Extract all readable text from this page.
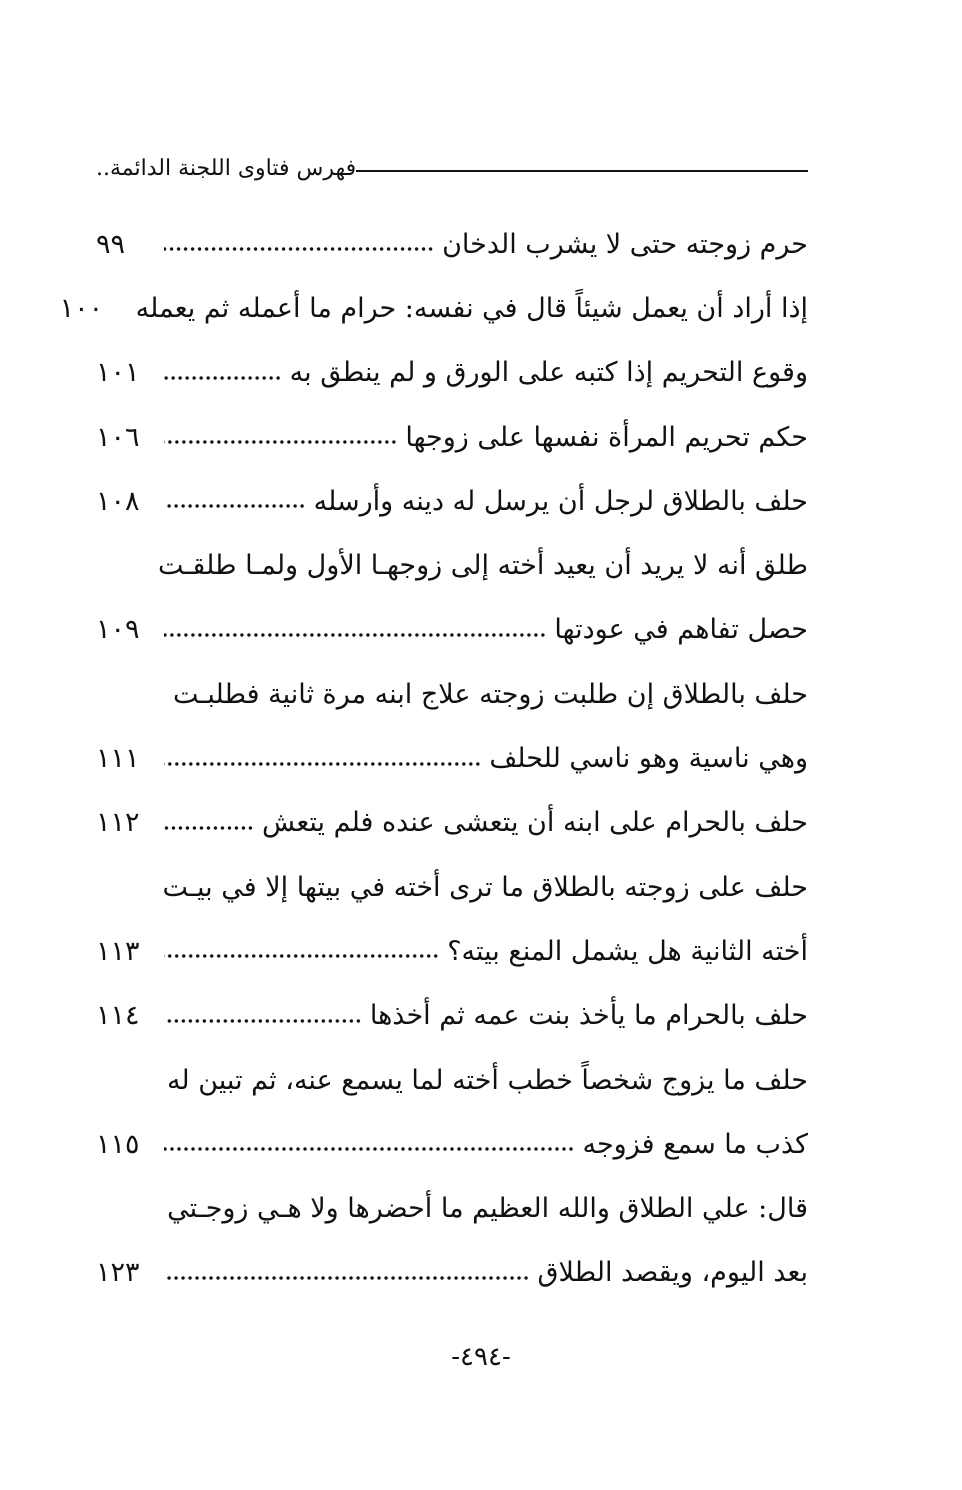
فهرس فتاوى اللجنة الدائمة..
حرم زوجته حتى لا يشرب الدخان
٩٩
إذا أراد أن يعمل شيئاً قال في نفسه: حرام ما أعمله ثم يعمله
١٠٠
وقوع التحريم إذا كتبه على الورق و لم ينطق به
١٠١
حكم تحريم المرأة نفسها على زوجها
١٠٦
حلف بالطلاق لرجل أن يرسل له دينه وأرسله
١٠٨
طلق أنه لا يريد أن يعيد أخته إلى زوجهـا الأول ولمـا طلقـت
حصل تفاهم في عودتها
١٠٩
حلف بالطلاق إن طلبت زوجته علاج ابنه مرة ثانية فطلبـت
وهي ناسية وهو ناسي للحلف
١١١
حلف بالحرام على ابنه أن يتعشى عنده فلم يتعش
١١٢
حلف على زوجته بالطلاق ما ترى أخته في بيتها إلا في بيـت
أخته الثانية هل يشمل المنع بيته؟
١١٣
حلف بالحرام ما يأخذ بنت عمه ثم أخذها
١١٤
حلف ما يزوج شخصاً خطب أخته لما يسمع عنه، ثم تبين له
كذب ما سمع فزوجه
١١٥
قال: علي الطلاق والله العظيم ما أحضرها ولا هـي زوجـتي
بعد اليوم، ويقصد الطلاق
١٢٣
-٤٩٤-
